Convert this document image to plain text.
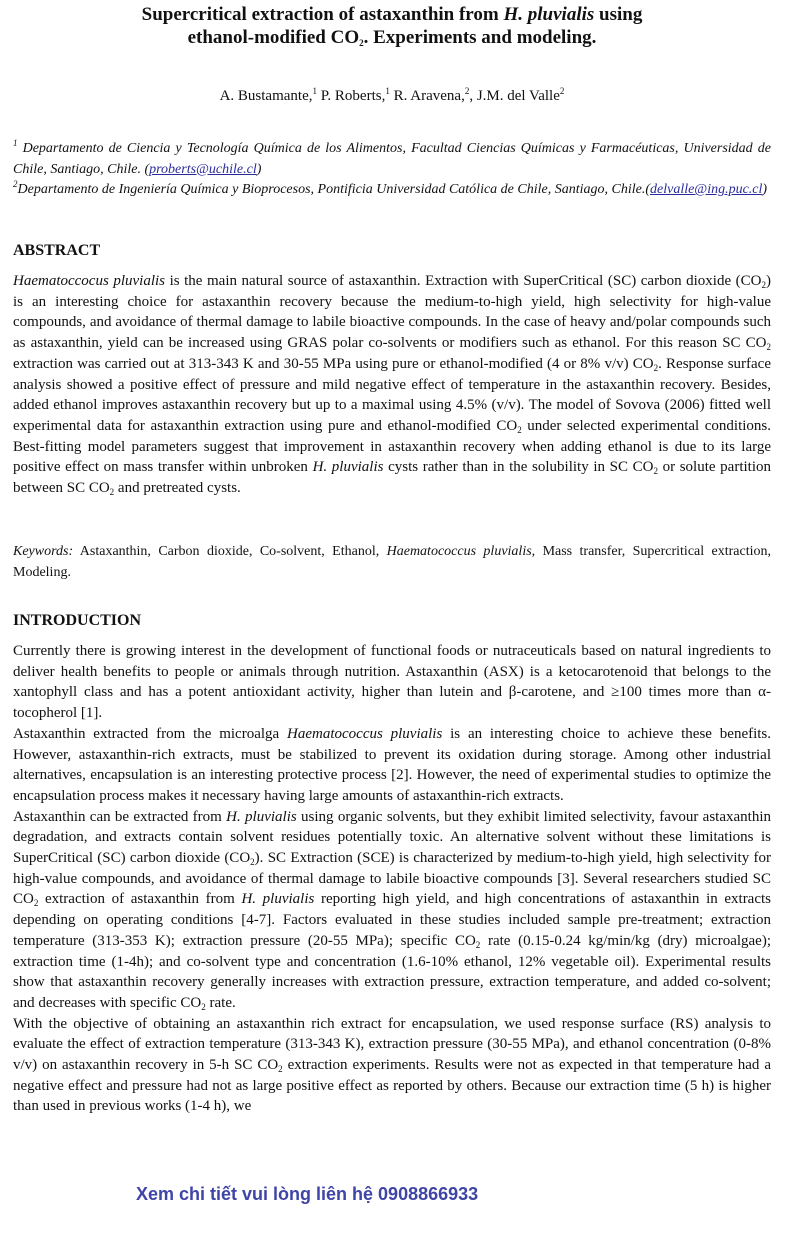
Supercritical extraction of astaxanthin from H. pluvialis using
ethanol-modified $CO_2$. Experiments and modeling.
A. Bustamante,$^1$ P. Roberts,$^1$ R. Aravena,$^2$, J.M. del Valle$^2$
$^1$ Departamento de Ciencia y Tecnología Química de los Alimentos, Facultad Ciencias Químicas y Farmacéuticas, Universidad de Chile, Santiago, Chile. (proberts@uchile.cl)
$^2$Departamento de Ingeniería Química y Bioprocesos, Pontificia Universidad Católica de Chile, Santiago, Chile.(delvalle@ing.puc.cl)
ABSTRACT

Haematoccocus pluvialis is the main natural source of astaxanthin. Extraction with SuperCritical (SC) carbon dioxide $(CO_2)$ is an interesting choice for astaxanthin recovery because the medium-to-high yield, high selectivity for high-value compounds, and avoidance of thermal damage to labile bioactive compounds. In the case of heavy and/polar compounds such as astaxanthin, yield can be increased using GRAS polar co-solvents or modifiers such as ethanol. For this reason SC $CO_2$ extraction was carried out at 313-343 K and 30-55 MPa using pure or ethanol-modified (4 or 8% v/v) $CO_2$. Response surface analysis showed a positive effect of pressure and mild negative effect of temperature in the astaxanthin recovery. Besides, added ethanol improves astaxanthin recovery but up to a maximal using 4.5% (v/v). The model of Sovova (2006) fitted well experimental data for astaxanthin extraction using pure and ethanol-modified $CO_2$ under selected experimental conditions. Best-fitting model parameters suggest that improvement in astaxanthin recovery when adding ethanol is due to its large positive effect on mass transfer within unbroken H. pluvialis cysts rather than in the solubility in SC $CO_2$ or solute partition between SC $CO_2$ and pretreated cysts.

Keywords: Astaxanthin, Carbon dioxide, Co-solvent, Ethanol, Haematococcus pluvialis, Mass transfer, Supercritical extraction, Modeling.
INTRODUCTION

Currently there is growing interest in the development of functional foods or nutraceuticals based on natural ingredients to deliver health benefits to people or animals through nutrition. Astaxanthin (ASX) is a ketocarotenoid that belongs to the xantophyll class and has a potent antioxidant activity, higher than lutein and β-carotene, and ≥100 times more than α-tocopherol [1].

Astaxanthin extracted from the microalga Haematococcus pluvialis is an interesting choice to achieve these benefits. However, astaxanthin-rich extracts, must be stabilized to prevent its oxidation during storage. Among other industrial alternatives, encapsulation is an interesting protective process [2]. However, the need of experimental studies to optimize the encapsulation process makes it necessary having large amounts of astaxanthin-rich extracts.

Astaxanthin can be extracted from H. pluvialis using organic solvents, but they exhibit limited selectivity, favour astaxanthin degradation, and extracts contain solvent residues potentially toxic. An alternative solvent without these limitations is SuperCritical (SC) carbon dioxide $(CO_2)$. SC Extraction (SCE) is characterized by medium-to-high yield, high selectivity for high-value compounds, and avoidance of thermal damage to labile bioactive compounds [3]. Several researchers studied SC $CO_2$ extraction of astaxanthin from H. pluvialis reporting high yield, and high concentrations of astaxanthin in extracts depending on operating conditions [4-7]. Factors evaluated in these studies included sample pre-treatment; extraction temperature (313-353 K); extraction pressure (20-55 MPa); specific $CO_2$ rate (0.15-0.24 kg/min/kg (dry) microalgae); extraction time (1-4h); and co-solvent type and concentration (1.6-10% ethanol, 12% vegetable oil). Experimental results show that astaxanthin recovery generally increases with extraction pressure, extraction temperature, and added co-solvent; and decreases with specific $CO_2$ rate.

With the objective of obtaining an astaxanthin rich extract for encapsulation, we used response surface (RS) analysis to evaluate the effect of extraction temperature (313-343 K), extraction pressure (30-55 MPa), and ethanol concentration (0-8% v/v) on astaxanthin recovery in 5-h SC $CO_2$ extraction experiments. Results were not as expected in that temperature had a negative effect and pressure had not as large positive effect as reported by others. Because our extraction time (5 h) is higher than used in previous works (1-4 h), we

Xem chi tiết vui lòng liên hệ 0908866933
